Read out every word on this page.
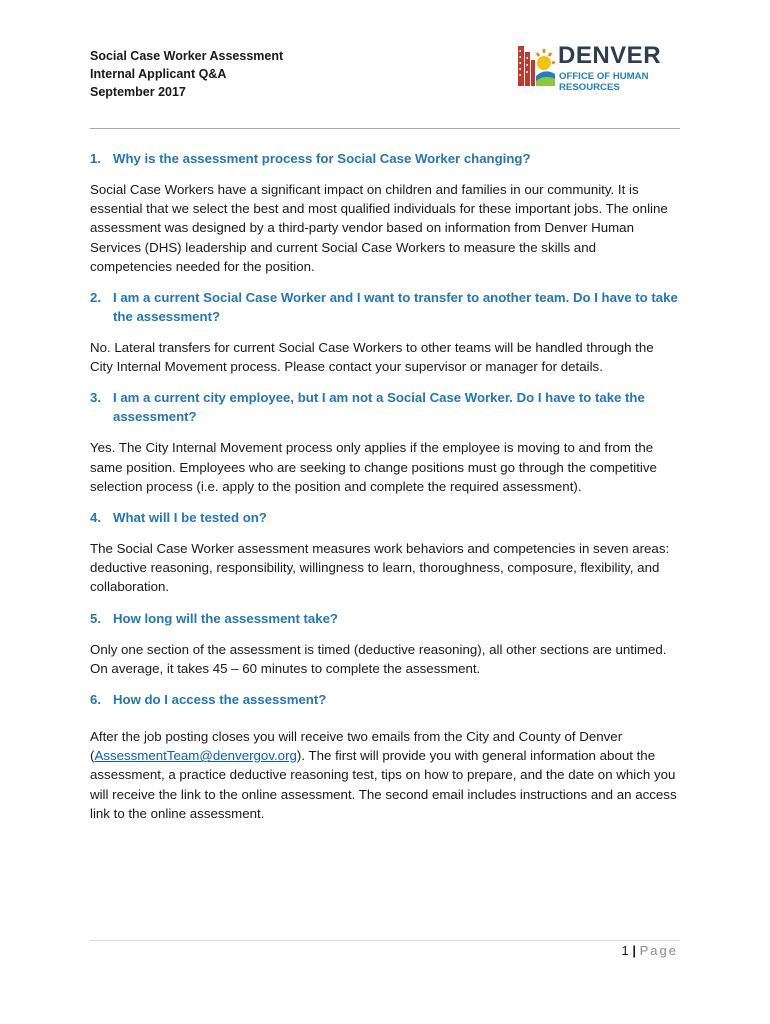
Social Case Worker Assessment
Internal Applicant Q&A
September 2017
DENVER
OFFICE OF HUMAN
RESOURCES
1. Why is the assessment process for Social Case Worker changing?
Social Case Workers have a significant impact on children and families in our community. It is essential that we select the best and most qualified individuals for these important jobs. The online assessment was designed by a third-party vendor based on information from Denver Human Services (DHS) leadership and current Social Case Workers to measure the skills and competencies needed for the position.
2. I am a current Social Case Worker and I want to transfer to another team. Do I have to take the assessment?
No. Lateral transfers for current Social Case Workers to other teams will be handled through the City Internal Movement process. Please contact your supervisor or manager for details.
3. I am a current city employee, but I am not a Social Case Worker. Do I have to take the assessment?
Yes. The City Internal Movement process only applies if the employee is moving to and from the same position. Employees who are seeking to change positions must go through the competitive selection process (i.e. apply to the position and complete the required assessment).
4. What will I be tested on?
The Social Case Worker assessment measures work behaviors and competencies in seven areas: deductive reasoning, responsibility, willingness to learn, thoroughness, composure, flexibility, and collaboration.
5. How long will the assessment take?
Only one section of the assessment is timed (deductive reasoning), all other sections are untimed. On average, it takes 45 – 60 minutes to complete the assessment.
6. How do I access the assessment?
After the job posting closes you will receive two emails from the City and County of Denver (AssessmentTeam@denvergov.org). The first will provide you with general information about the assessment, a practice deductive reasoning test, tips on how to prepare, and the date on which you will receive the link to the online assessment. The second email includes instructions and an access link to the online assessment.
1 | Page
